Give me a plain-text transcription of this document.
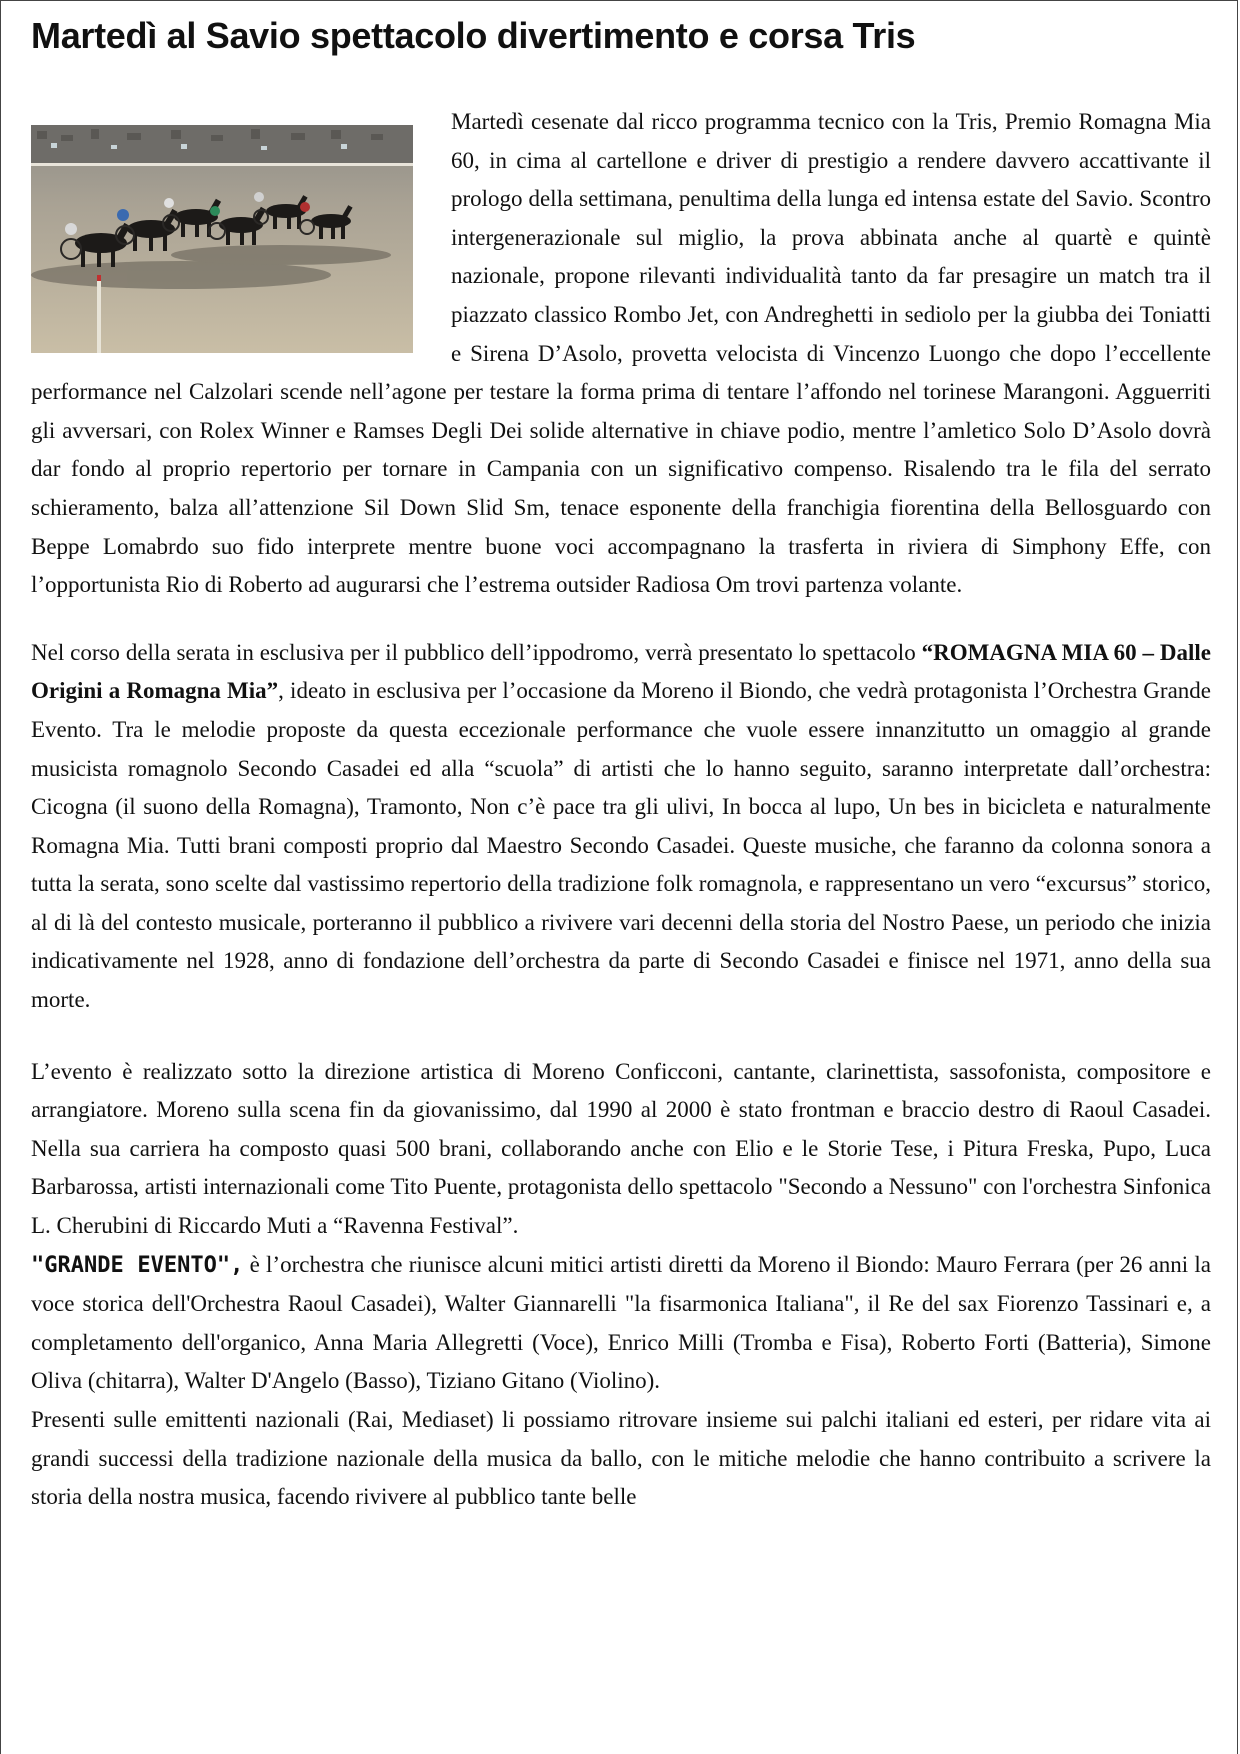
Martedì al Savio spettacolo divertimento e corsa Tris

Martedì cesenate dal ricco programma tecnico con la Tris, Premio Romagna Mia 60, in cima al cartellone e driver di prestigio a rendere davvero accattivante il prologo della settimana, penultima della lunga ed intensa estate del Savio. Scontro intergenerazionale sul miglio, la prova abbinata anche al quartè e quintè nazionale, propone rilevanti individualità tanto da far presagire un match tra il piazzato classico Rombo Jet, con Andreghetti in sediolo per la giubba dei Toniatti e Sirena D’Asolo, provetta velocista di Vincenzo Luongo che dopo l’eccellente performance nel Calzolari scende nell’agone per testare la forma prima di tentare l’affondo nel torinese Marangoni. Agguerriti gli avversari, con Rolex Winner e Ramses Degli Dei solide alternative in chiave podio, mentre l’amletico Solo D’Asolo dovrà dar fondo al proprio repertorio per tornare in Campania con un significativo compenso. Risalendo tra le fila del serrato schieramento, balza all’attenzione Sil Down Slid Sm, tenace esponente della franchigia fiorentina della Bellosguardo con Beppe Lomabrdo suo fido interprete mentre buone voci accompagnano la trasferta in riviera di Simphony Effe, con l’opportunista Rio di Roberto ad augurarsi che l’estrema outsider Radiosa Om trovi partenza volante.

Nel corso della serata in esclusiva per il pubblico dell’ippodromo, verrà presentato lo spettacolo “ROMAGNA MIA 60 – Dalle Origini a Romagna Mia”, ideato in esclusiva per l’occasione da Moreno il Biondo, che vedrà protagonista l’Orchestra Grande Evento. Tra le melodie proposte da questa eccezionale performance che vuole essere innanzitutto un omaggio al grande musicista romagnolo Secondo Casadei ed alla “scuola” di artisti che lo hanno seguito, saranno interpretate dall’orchestra: Cicogna (il suono della Romagna), Tramonto, Non c’è pace tra gli ulivi, In bocca al lupo, Un bes in bicicleta e naturalmente Romagna Mia. Tutti brani composti proprio dal Maestro Secondo Casadei. Queste musiche, che faranno da colonna sonora a tutta la serata, sono scelte dal vastissimo repertorio della tradizione folk romagnola, e rappresentano un vero “excursus” storico, al di là del contesto musicale, porteranno il pubblico a rivivere vari decenni della storia del Nostro Paese, un periodo che inizia indicativamente nel 1928, anno di fondazione dell’orchestra da parte di Secondo Casadei e finisce nel 1971, anno della sua morte.

L’evento è realizzato sotto la direzione artistica di Moreno Conficconi, cantante, clarinettista, sassofonista, compositore e arrangiatore. Moreno sulla scena fin da giovanissimo, dal 1990 al 2000 è stato frontman e braccio destro di Raoul Casadei. Nella sua carriera ha composto quasi 500 brani, collaborando anche con Elio e le Storie Tese, i Pitura Freska, Pupo, Luca Barbarossa, artisti internazionali come Tito Puente, protagonista dello spettacolo "Secondo a Nessuno" con l'orchestra Sinfonica L. Cherubini di Riccardo Muti a “Ravenna Festival”.

"GRANDE EVENTO", è l’orchestra che riunisce alcuni mitici artisti diretti da Moreno il Biondo: Mauro Ferrara (per 26 anni la voce storica dell'Orchestra Raoul Casadei), Walter Giannarelli "la fisarmonica Italiana", il Re del sax Fiorenzo Tassinari e, a completamento dell'organico, Anna Maria Allegretti (Voce), Enrico Milli (Tromba e Fisa), Roberto Forti (Batteria), Simone Oliva (chitarra), Walter D'Angelo (Basso), Tiziano Gitano (Violino).

Presenti sulle emittenti nazionali (Rai, Mediaset) li possiamo ritrovare insieme sui palchi italiani ed esteri, per ridare vita ai grandi successi della tradizione nazionale della musica da ballo, con le mitiche melodie che hanno contribuito a scrivere la storia della nostra musica, facendo rivivere al pubblico tante belle
